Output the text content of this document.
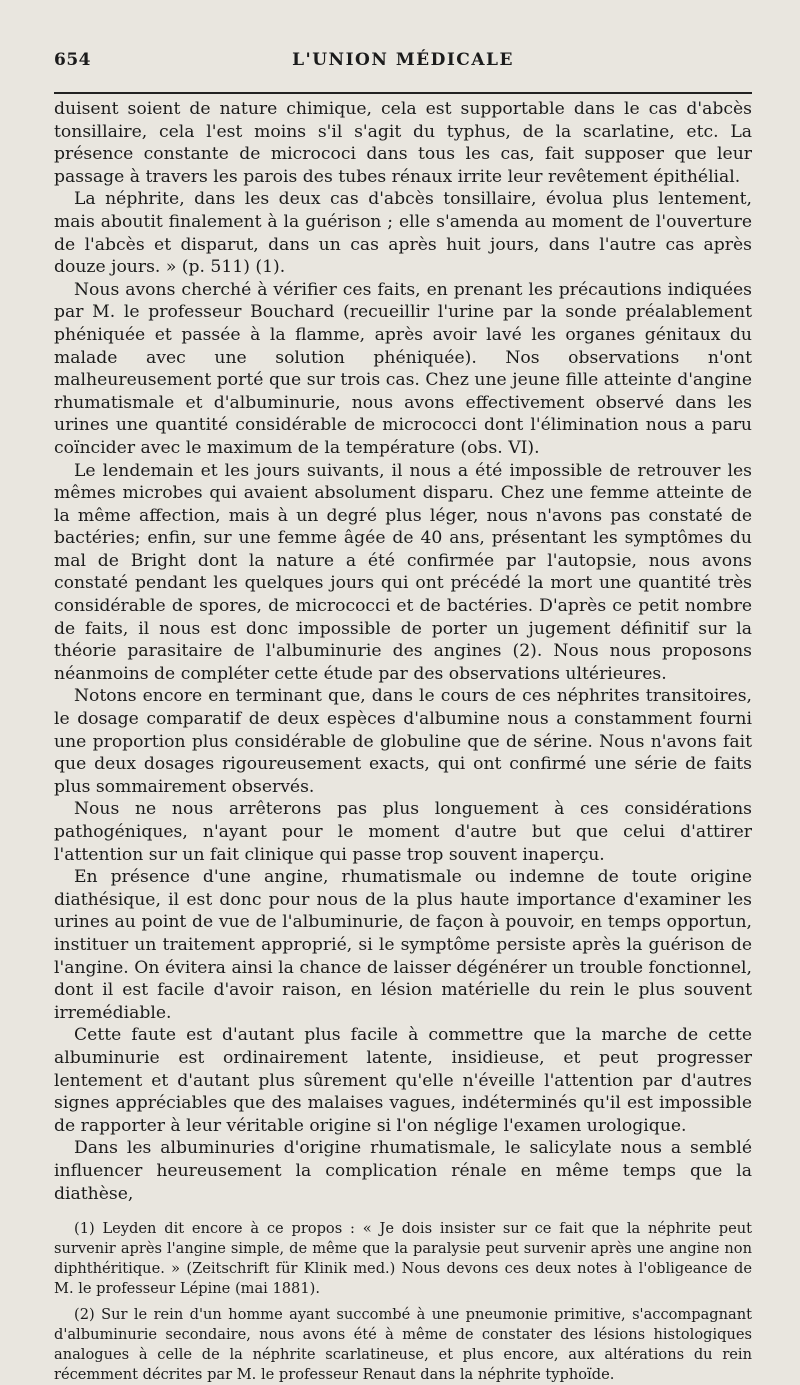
654	L'UNION MÉDICALE

duisent soient de nature chimique, cela est supportable dans le cas d'abcès tonsillaire, cela l'est moins s'il s'agit du typhus, de la scarlatine, etc. La présence constante de micrococi dans tous les cas, fait supposer que leur passage à travers les parois des tubes rénaux irrite leur revêtement épithélial.

La néphrite, dans les deux cas d'abcès tonsillaire, évolua plus lentement, mais aboutit finalement à la guérison ; elle s'amenda au moment de l'ouverture de l'abcès et disparut, dans un cas après huit jours, dans l'autre cas après douze jours. » (p. 511) (1).

Nous avons cherché à vérifier ces faits, en prenant les précautions indiquées par M. le professeur Bouchard (recueillir l'urine par la sonde préalablement phéniquée et passée à la flamme, après avoir lavé les organes génitaux du malade avec une solution phéniquée). Nos observations n'ont malheureusement porté que sur trois cas. Chez une jeune fille atteinte d'angine rhumatismale et d'albuminurie, nous avons effectivement observé dans les urines une quantité considérable de micrococci dont l'élimination nous a paru coïncider avec le maximum de la température (obs. VI).

Le lendemain et les jours suivants, il nous a été impossible de retrouver les mêmes microbes qui avaient absolument disparu. Chez une femme atteinte de la même affection, mais à un degré plus léger, nous n'avons pas constaté de bactéries; enfin, sur une femme âgée de 40 ans, présentant les symptômes du mal de Bright dont la nature a été confirmée par l'autopsie, nous avons constaté pendant les quelques jours qui ont précédé la mort une quantité très considérable de spores, de micrococci et de bactéries. D'après ce petit nombre de faits, il nous est donc impossible de porter un jugement définitif sur la théorie parasitaire de l'albuminurie des angines (2). Nous nous proposons néanmoins de compléter cette étude par des observations ultérieures.

Notons encore en terminant que, dans le cours de ces néphrites transitoires, le dosage comparatif de deux espèces d'albumine nous a constamment fourni une proportion plus considérable de globuline que de sérine. Nous n'avons fait que deux dosages rigoureusement exacts, qui ont confirmé une série de faits plus sommairement observés.

Nous ne nous arrêterons pas plus longuement à ces considérations pathogéniques, n'ayant pour le moment d'autre but que celui d'attirer l'attention sur un fait clinique qui passe trop souvent inaperçu.

En présence d'une angine, rhumatismale ou indemne de toute origine diathésique, il est donc pour nous de la plus haute importance d'examiner les urines au point de vue de l'albuminurie, de façon à pouvoir, en temps opportun, instituer un traitement approprié, si le symptôme persiste après la guérison de l'angine. On évitera ainsi la chance de laisser dégénérer un trouble fonctionnel, dont il est facile d'avoir raison, en lésion matérielle du rein le plus souvent irremédiable.

Cette faute est d'autant plus facile à commettre que la marche de cette albuminurie est ordinairement latente, insidieuse, et peut progresser lentement et d'autant plus sûrement qu'elle n'éveille l'attention par d'autres signes appréciables que des malaises vagues, indéterminés qu'il est impossible de rapporter à leur véritable origine si l'on néglige l'examen urologique.

Dans les albuminuries d'origine rhumatismale, le salicylate nous a semblé influencer heureusement la complication rénale en même temps que la diathèse,

(1) Leyden dit encore à ce propos : « Je dois insister sur ce fait que la néphrite peut survenir après l'angine simple, de même que la paralysie peut survenir après une angine non diphthéritique. » (Zeitschrift für Klinik med.) Nous devons ces deux notes à l'obligeance de M. le professeur Lépine (mai 1881).

(2) Sur le rein d'un homme ayant succombé à une pneumonie primitive, s'accompagnant d'albuminurie secondaire, nous avons été à même de constater des lésions histologiques analogues à celle de la néphrite scarlatineuse, et plus encore, aux altérations du rein récemment décrites par M. le professeur Renaut dans la néphrite typhoïde.
